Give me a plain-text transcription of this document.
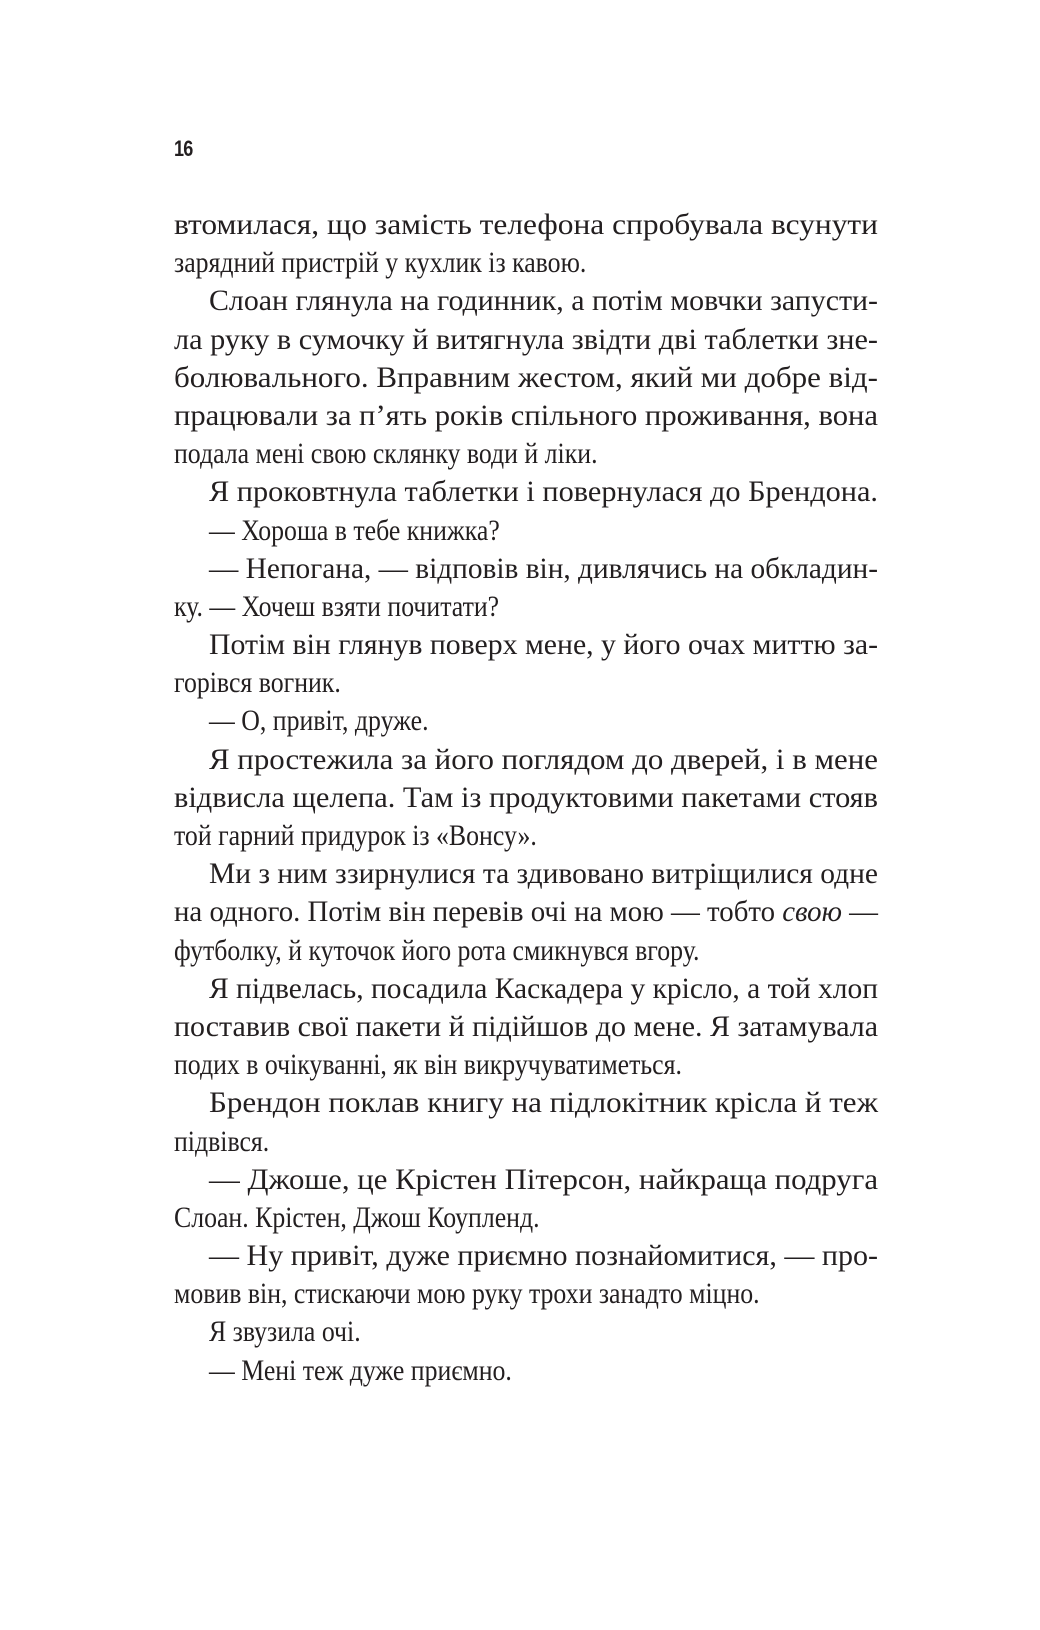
16
втомилася, що замість телефона спробувала всунути
зарядний пристрій у кухлик із кавою.
Слоан глянула на годинник, а потім мовчки запусти-
ла руку в сумочку й витягнула звідти дві таблетки зне-
болювального. Вправним жестом, який ми добре від-
працювали за п’ять років спільного проживання, вона
подала мені свою склянку води й ліки.
Я проковтнула таблетки і повернулася до Брендона.
— Хороша в тебе книжка?
— Непогана, — відповів він, дивлячись на обкладин-
ку. — Хочеш взяти почитати?
Потім він глянув поверх мене, у його очах миттю за-
горівся вогник.
— О, привіт, друже.
Я простежила за його поглядом до дверей, і в мене
відвисла щелепа. Там із продуктовими пакетами стояв
той гарний придурок із «Вонсу».
Ми з ним ззирнулися та здивовано витріщилися одне
на одного. Потім він перевів очі на мою — тобто свою —
футболку, й куточок його рота смикнувся вгору.
Я підвелась, посадила Каскадера у крісло, а той хлоп
поставив свої пакети й підійшов до мене. Я затамувала
подих в очікуванні, як він викручуватиметься.
Брендон поклав книгу на підлокітник крісла й теж
підвівся.
— Джоше, це Крістен Пітерсон, найкраща подруга
Слоан. Крістен, Джош Коупленд.
— Ну привіт, дуже приємно познайомитися, — про-
мовив він, стискаючи мою руку трохи занадто міцно.
Я звузила очі.
— Мені теж дуже приємно.
